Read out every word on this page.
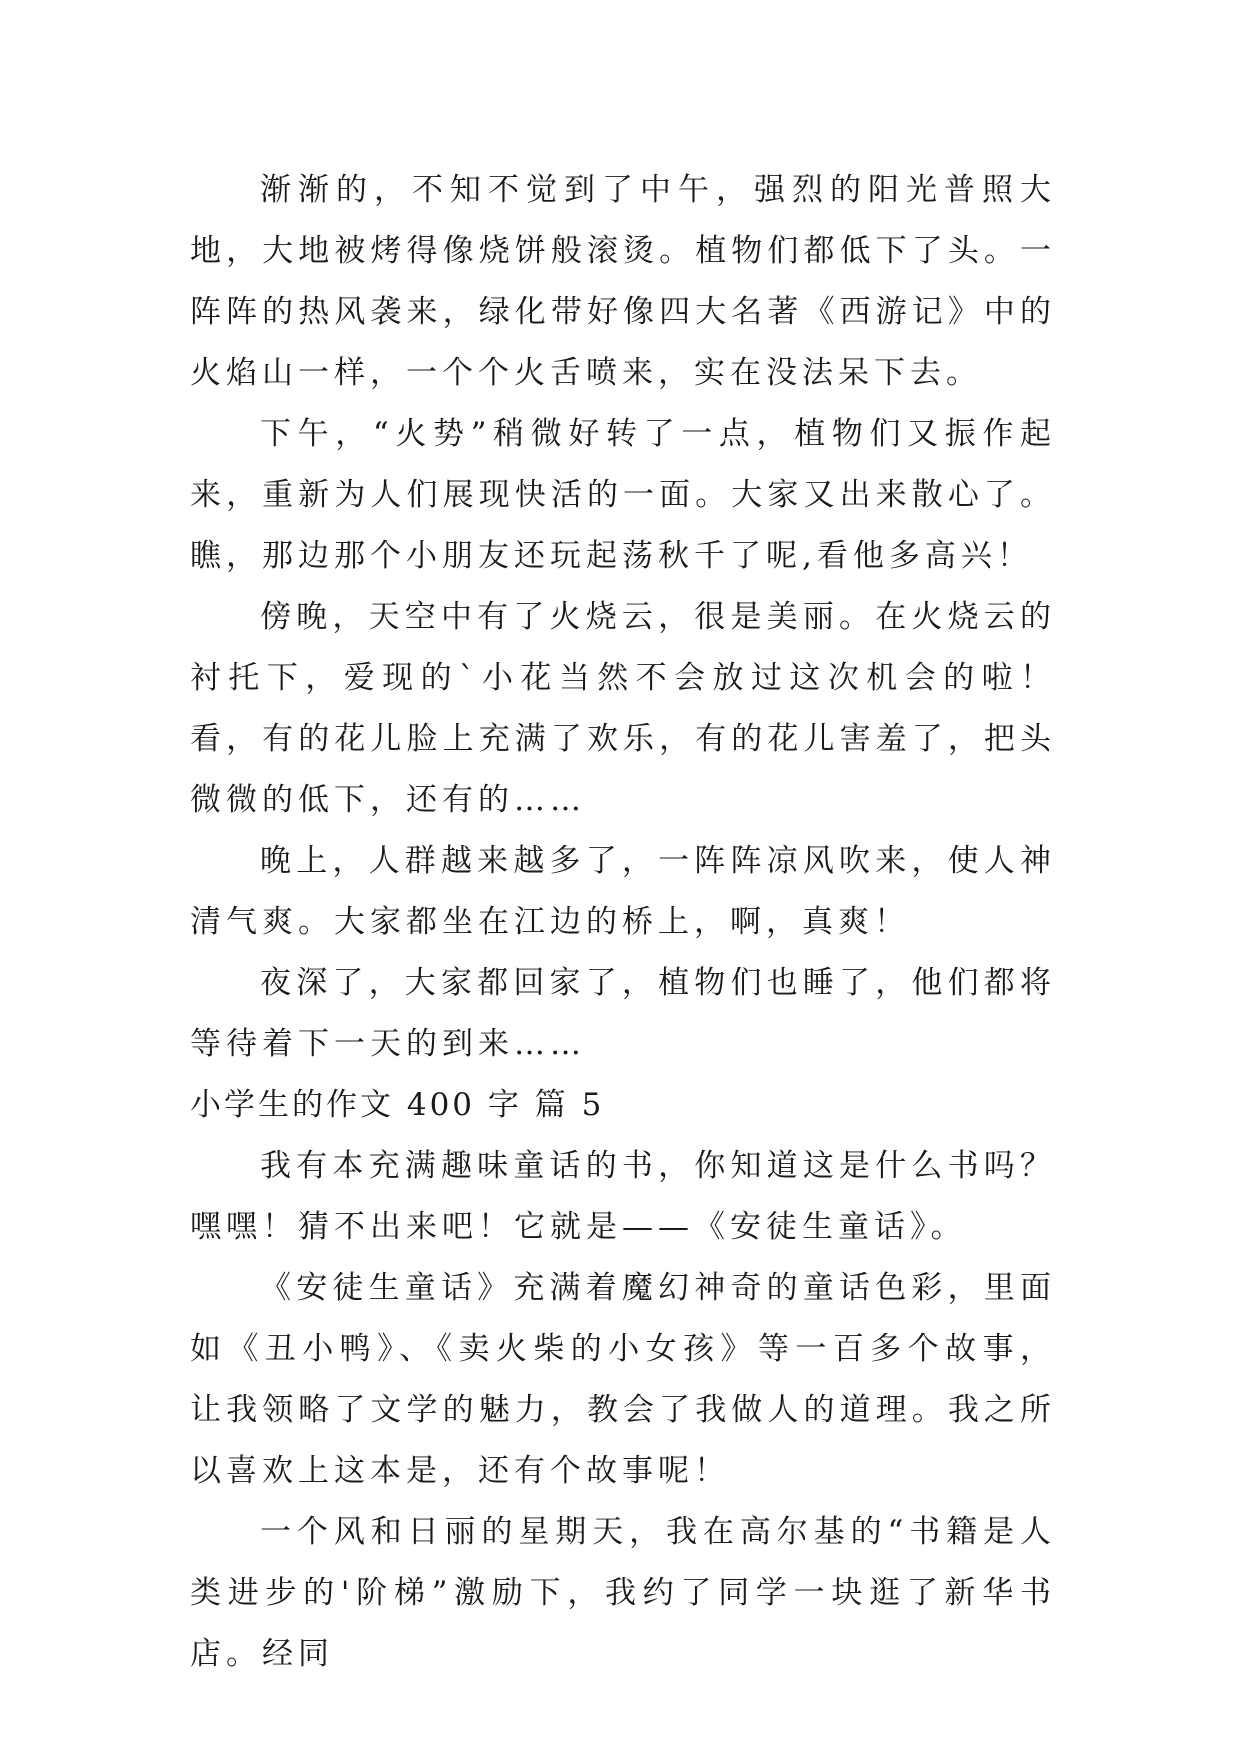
渐渐的，不知不觉到了中午，强烈的阳光普照大地，大地被烤得像烧饼般滚烫。植物们都低下了头。一阵阵的热风袭来，绿化带好像四大名著《西游记》中的火焰山一样，一个个火舌喷来，实在没法呆下去。

下午，“火势”稍微好转了一点，植物们又振作起来，重新为人们展现快活的一面。大家又出来散心了。瞧，那边那个小朋友还玩起荡秋千了呢,看他多高兴！

傍晚，天空中有了火烧云，很是美丽。在火烧云的衬托下，爱现的`小花当然不会放过这次机会的啦！看，有的花儿脸上充满了欢乐，有的花儿害羞了，把头微微的低下，还有的……

晚上，人群越来越多了，一阵阵凉风吹来，使人神清气爽。大家都坐在江边的桥上，啊，真爽！

夜深了，大家都回家了，植物们也睡了，他们都将等待着下一天的到来……

小学生的作文 400 字 篇 5

我有本充满趣味童话的书，你知道这是什么书吗？嘿嘿！猜不出来吧！它就是——《安徒生童话》。

《安徒生童话》充满着魔幻神奇的童话色彩，里面如《丑小鸭》、《卖火柴的小女孩》等一百多个故事，让我领略了文学的魅力，教会了我做人的道理。我之所以喜欢上这本是，还有个故事呢！

一个风和日丽的星期天，我在高尔基的“书籍是人类进步的'阶梯”激励下，我约了同学一块逛了新华书店。经同
